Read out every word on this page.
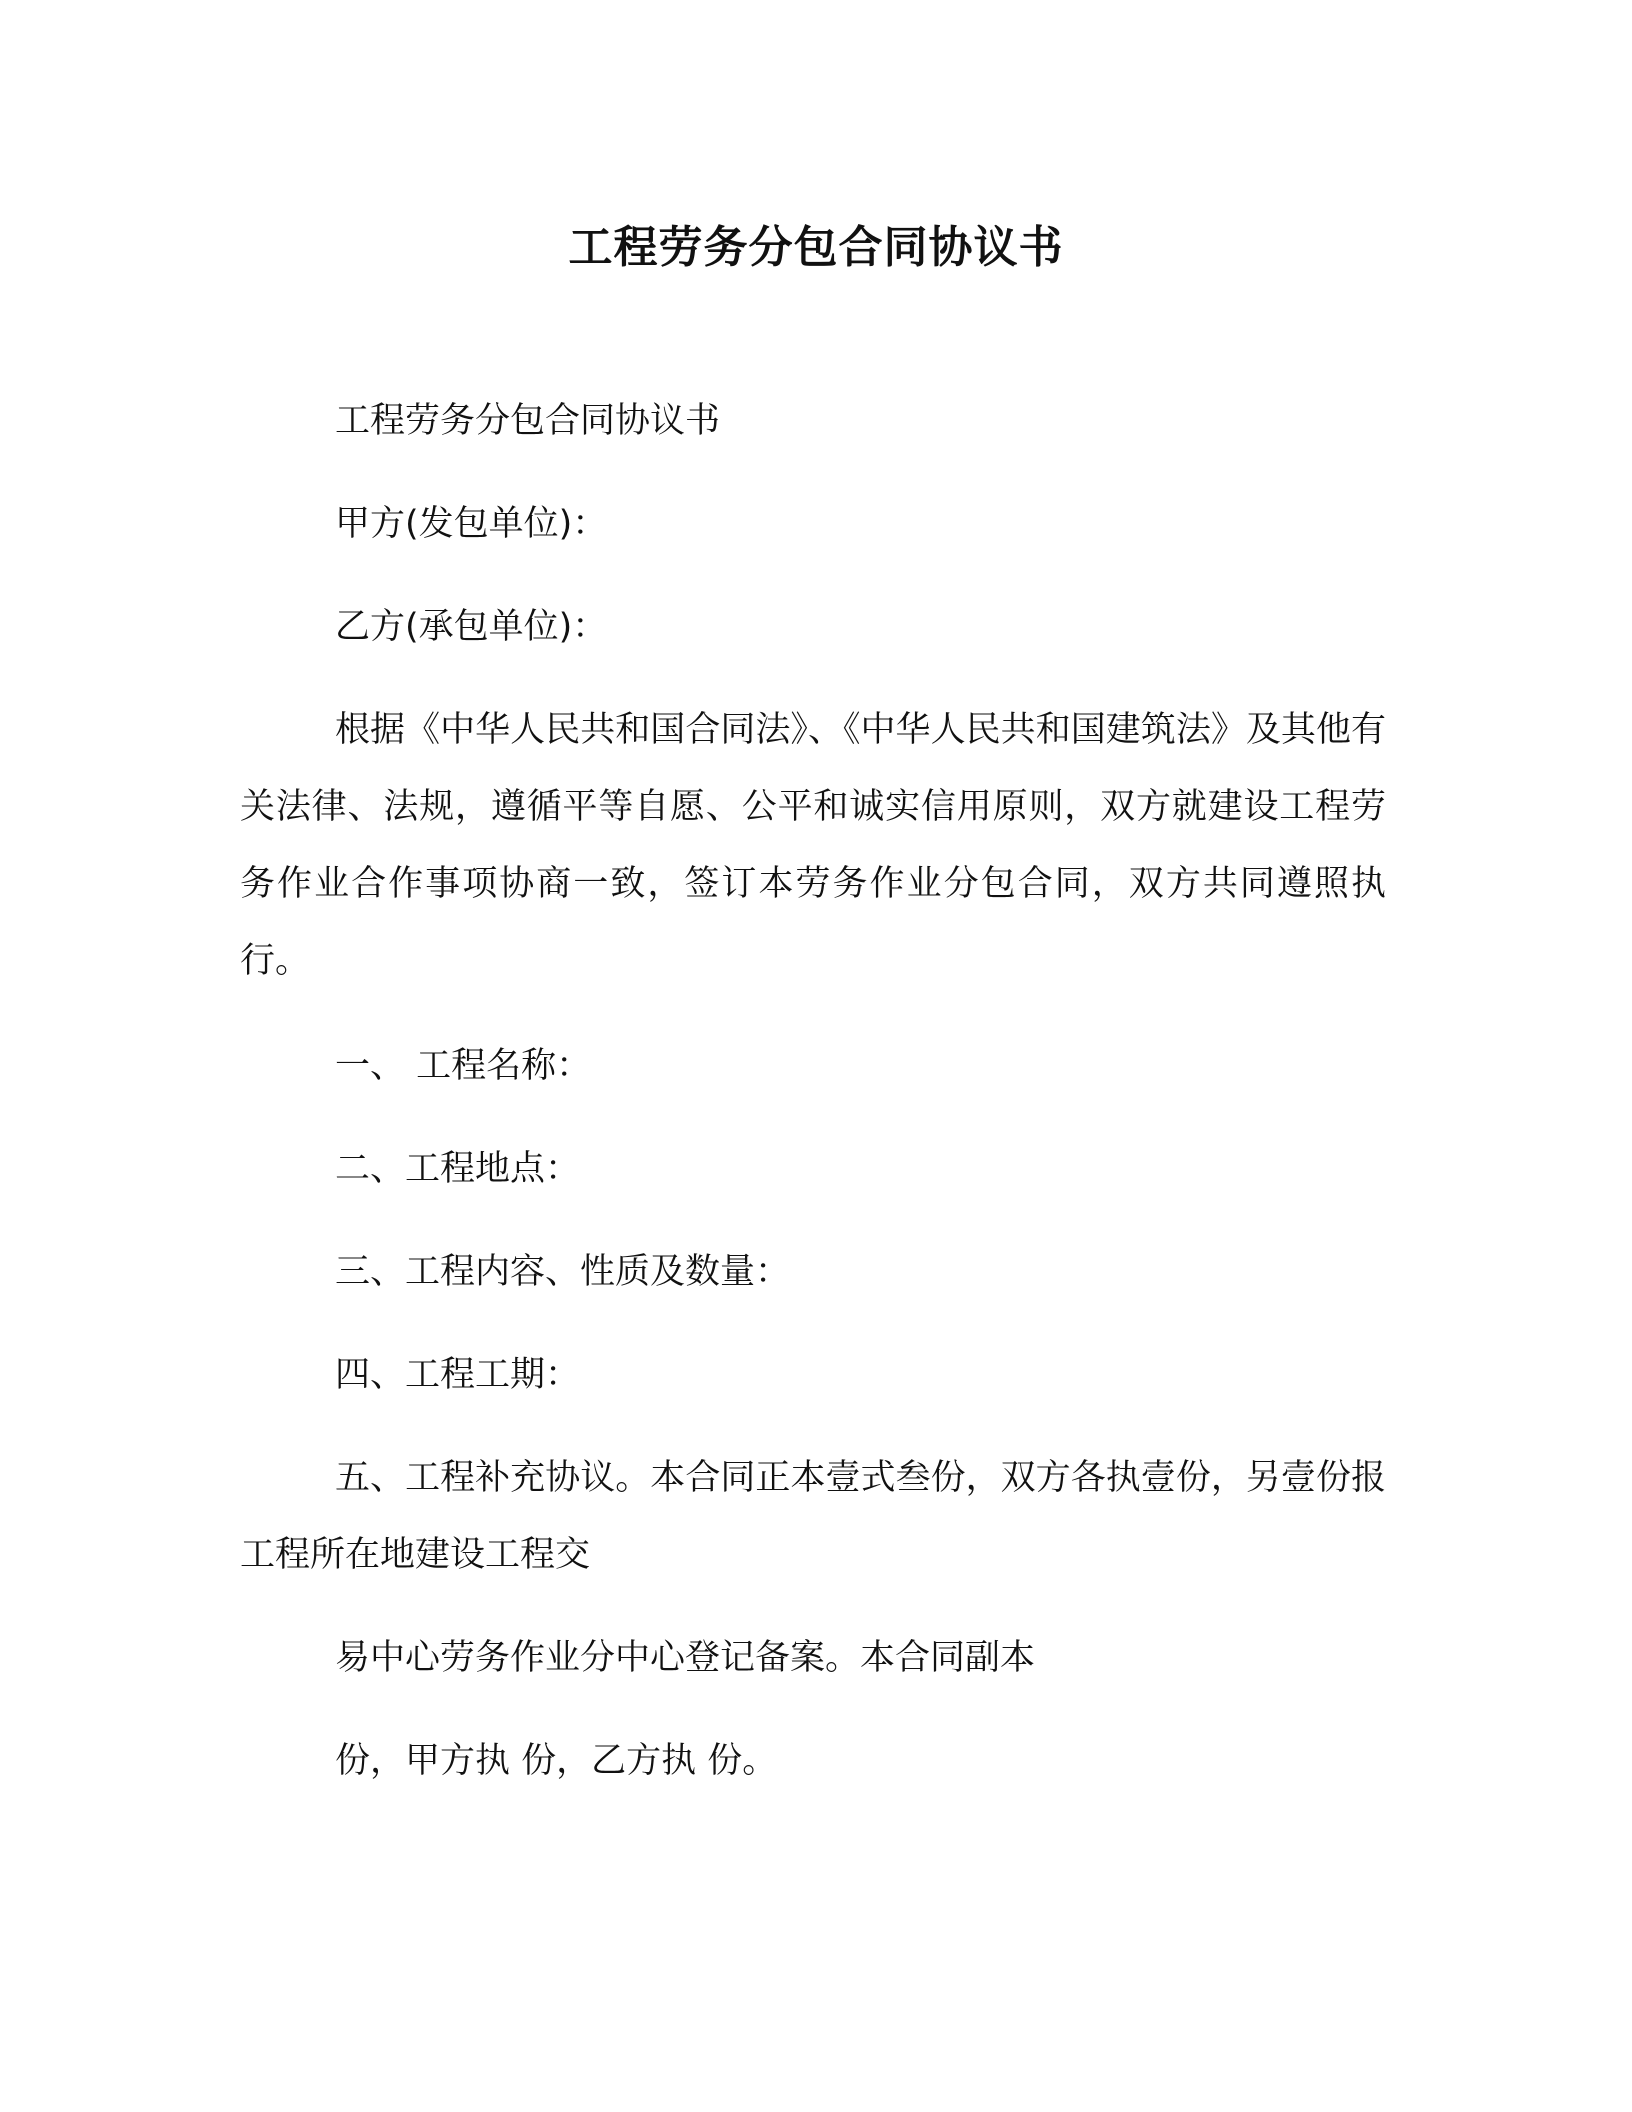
工程劳务分包合同协议书

工程劳务分包合同协议书

甲方(发包单位)：

乙方(承包单位)：

根据《中华人民共和国合同法》、《中华人民共和国建筑法》及其他有关法律、法规，遵循平等自愿、公平和诚实信用原则，双方就建设工程劳务作业合作事项协商一致，签订本劳务作业分包合同，双方共同遵照执行。

一、 工程名称：

二、工程地点：

三、工程内容、性质及数量：

四、工程工期：

五、工程补充协议。本合同正本壹式叁份，双方各执壹份，另壹份报工程所在地建设工程交

易中心劳务作业分中心登记备案。本合同副本

份，甲方执 份，乙方执 份。
